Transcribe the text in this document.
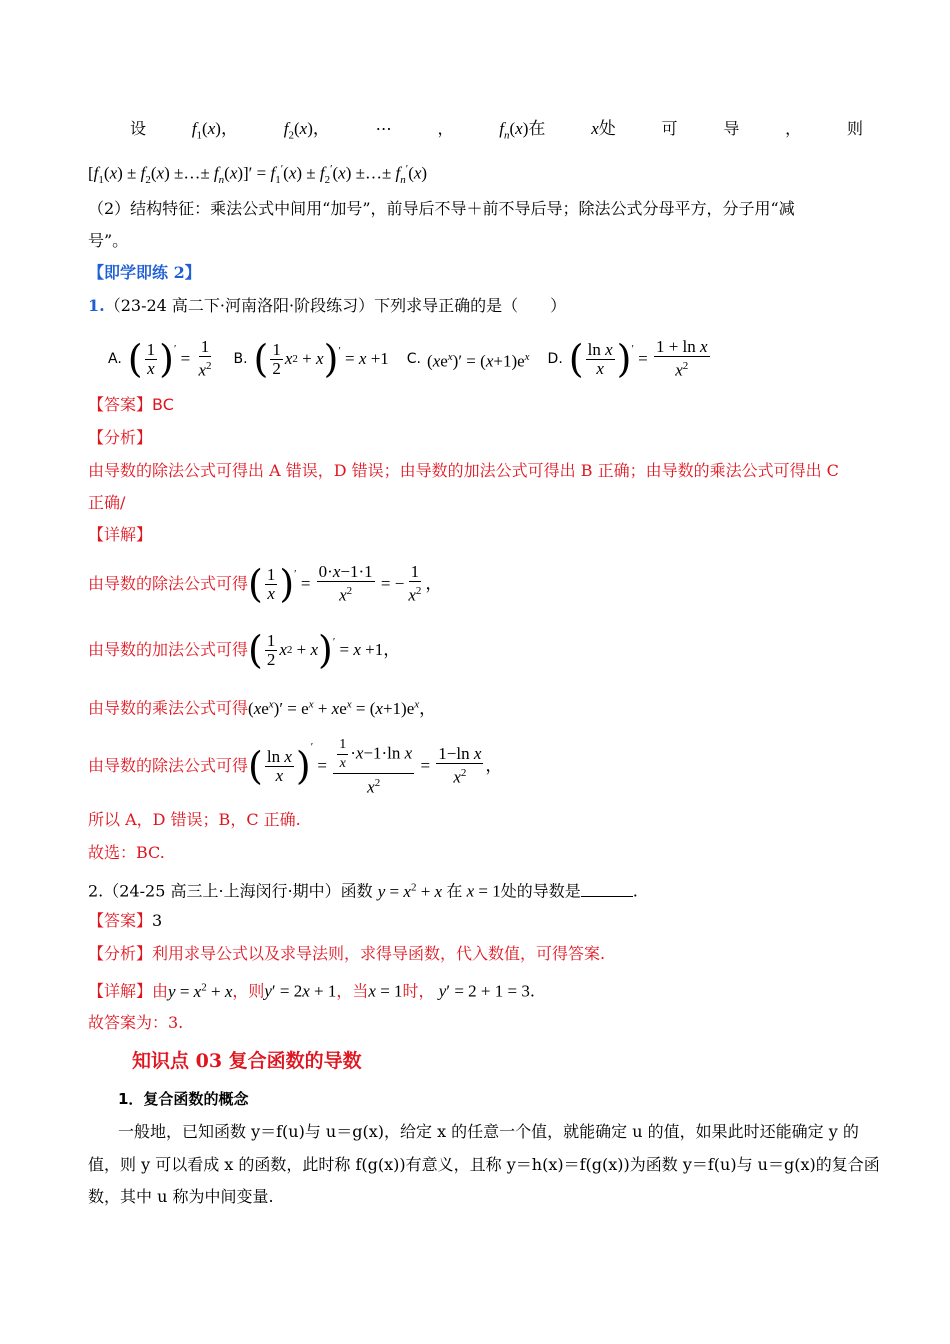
设	$f_1(x)$，	$f_2(x)$，	⋯	，	$f_n(x)$在	x处	可	导	，	则
[$f_1(x) \pm f_2(x)$ ±…± $f_n(x)]' = f_1'(x) \pm f_2'(x)$ ±…± $f_n'(x)$
（2）结构特征：乘法公式中间用“加号”，前导后不导＋前不导后导；除法公式分母平方，分子用“减
号”。
【即学即练 2】
1.（23-24 高二下·河南洛阳·阶段练习）下列求导正确的是（　　）
A. ( $\frac{1}{x} )' = \frac{1}{x^2} B$. ( $\frac{1}{2}$ x 2 + x )′ = x +1 C. $(xe^x)' = (x+1)e^x$ D. ( $\frac{\text{ln x}}{x} )' = \frac{\text{1 + ln x}}{x^2}$
【答案】BC
【分析】
由导数的除法公式可得出 A 错误，D 错误；由导数的加法公式可得出 B 正确；由导数的乘法公式可得出 C
正确/
【详解】
由导数的除法公式可得 ( $\frac{1}{x} )' = \frac{0\cdot x-1\cdot 1}{x^2}$ = − $\frac{1}{x^2}$ ，
由导数的加法公式可得 ( $\frac{1}{2}$ x 2 + x )′ = x +1，
由导数的乘法公式可得$(xe^x)' = e^x + xe^x = (x+1)e^x$，
由导数的除法公式可得 ( $\frac{\text{ln x}}{x} )'$
= $\frac{\frac{1}{x} \cdot x-1\cdot\ln x}{x^2} = \frac{\text{1−ln x}}{x^2}$ ，
所以 A，D 错误；B，C 正确.
故选：BC.
2.（24-25 高三上·上海闵行·期中）函数 $y = x^2 + x$ 在 x = 1处的导数是	.
【答案】3
【分析】利用求导公式以及求导法则，求得导函数，代入数值，可得答案.
【详解】由$y = x^2 + x$，则y′ = 2x + 1，当x = 1时， y′ = 2 + 1 = 3.
故答案为：3.
知识点 03 复合函数的导数
1．复合函数的概念
一般地，已知函数 y＝f(u)与 u＝g(x)，给定 x 的任意一个值，就能确定 u 的值，如果此时还能确定 y 的
值，则 y 可以看成 x 的函数，此时称 f(g(x))有意义，且称 y＝h(x)＝f(g(x))为函数 y＝f(u)与 u＝g(x)的复合函
数，其中 u 称为中间变量.
